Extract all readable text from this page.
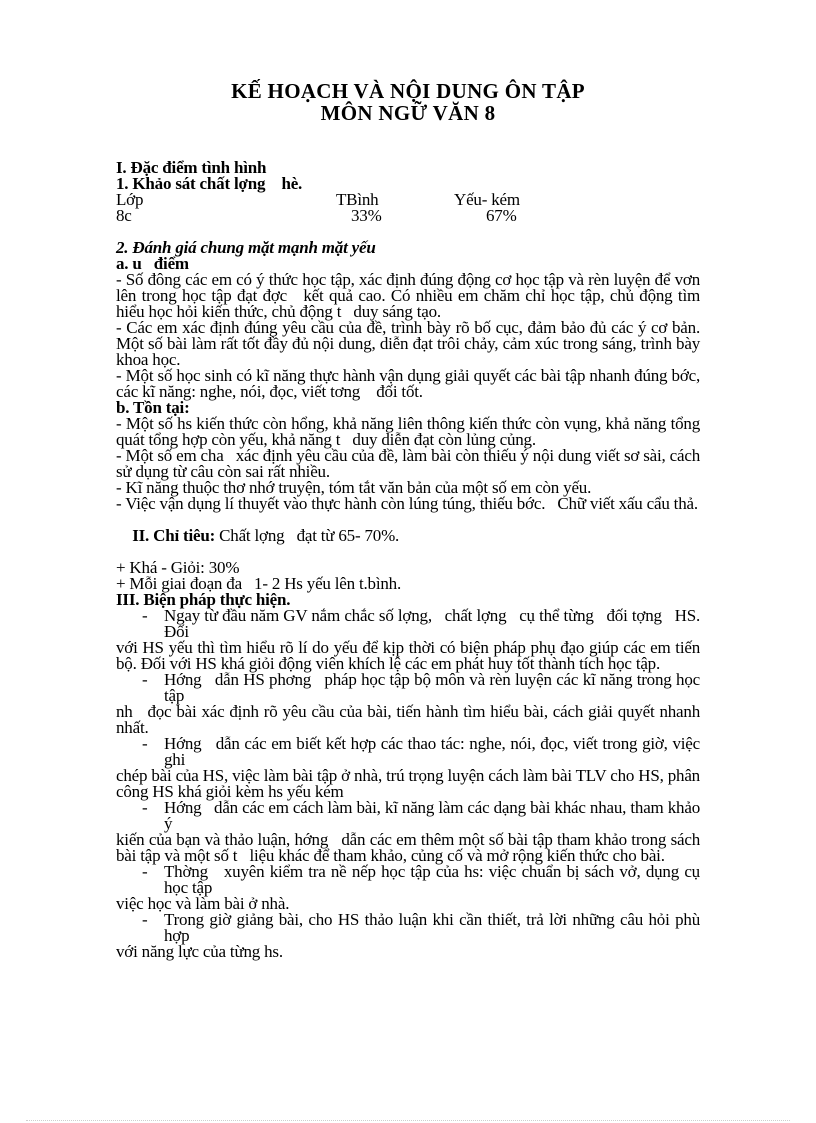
KẾ HOẠCH VÀ NỘI DUNG ÔN TẬP
MÔN NGỮ VĂN 8
I. Đặc điểm tình hình
1. Khảo sát chất lợng    hè.
Lớp	TBình	Yếu- kém
8c	33%	67%
2. Đánh giá chung mặt mạnh mặt yếu
a. u   điểm

- Số đông các em có ý thức học tập, xác định đúng động cơ học tập và rèn luyện để vơn        lên trong học tập đạt đợc   kết quả cao. Có nhiều em chăm chỉ học tập, chủ động tìm hiểu học hỏi kiến thức, chủ động t   duy sáng tạo.

- Các em xác định đúng yêu cầu của đề, trình bày rõ bố cục, đảm bảo đủ các ý cơ bản. Một số bài làm rất tốt đầy đủ nội dung, diễn đạt trôi chảy, cảm xúc trong sáng, trình bày khoa học.

- Một số học sinh có kĩ năng thực hành vận dụng giải quyết các bài tập nhanh đúng bớc,   các kĩ năng: nghe, nói, đọc, viết tơng    đối tốt.

b. Tồn tại:

- Một số hs kiến thức còn hổng, khả năng liên thông kiến thức còn vụng, khả năng tổng quát tổng hợp còn yếu, khả năng t   duy diễn đạt còn lủng củng.

- Một số em cha   xác định yêu cầu của đề, làm bài còn thiếu ý nội dung viết sơ sài, cách sử dụng từ câu còn sai rất nhiều.

- Kĩ năng thuộc thơ nhớ truyện, tóm tắt văn bản của một số em còn yếu.

- Việc vận dụng lí thuyết vào thực hành còn lúng túng, thiếu bớc.   Chữ viết xấu cẩu thả.

II. Chỉ tiêu: Chất lợng   đạt từ 65- 70%.

+ Khá - Giỏi: 30%
+ Mỗi giai đoạn đa   1- 2 Hs yếu lên t.bình.
III. Biện pháp thực hiện.
- Ngay từ đầu năm GV nắm chắc số lợng,   chất lợng   cụ thể từng   đối tợng   HS. Đối

với HS yếu thì tìm hiểu rõ lí do yếu để kịp thời có biện pháp phụ đạo giúp các em tiến bộ. Đối với HS khá giỏi động viên khích lệ các em phát huy tốt thành tích học tập.

- Hớng   dẫn HS phơng   pháp học tập bộ môn và rèn luyện các kĩ năng trong học tập

nh   đọc bài xác định rõ yêu cầu của bài, tiến hành tìm hiểu bài, cách giải quyết nhanh nhất.

- Hớng   dẫn các em biết kết hợp các thao tác: nghe, nói, đọc, viết trong giờ, việc ghi

chép bài của HS, việc làm bài tập ở nhà, trú trọng luyện cách làm bài TLV cho HS, phân công HS khá giỏi kèm hs yếu kém

- Hớng   dẫn các em cách làm bài, kĩ năng làm các dạng bài khác nhau, tham khảo ý

kiến của bạn và thảo luận, hớng   dẫn các em thêm một số bài tập tham khảo trong sách bài tập và một số t   liệu khác để tham khảo, củng cố và mở rộng kiến thức cho bài.

- Thờng   xuyên kiểm tra nề nếp học tập của hs: việc chuẩn bị sách vở, dụng cụ học tập

việc học và làm bài ở nhà.

- Trong giờ giảng bài, cho HS thảo luận khi cần thiết, trả lời những câu hỏi phù hợp

với năng lực của từng hs.
